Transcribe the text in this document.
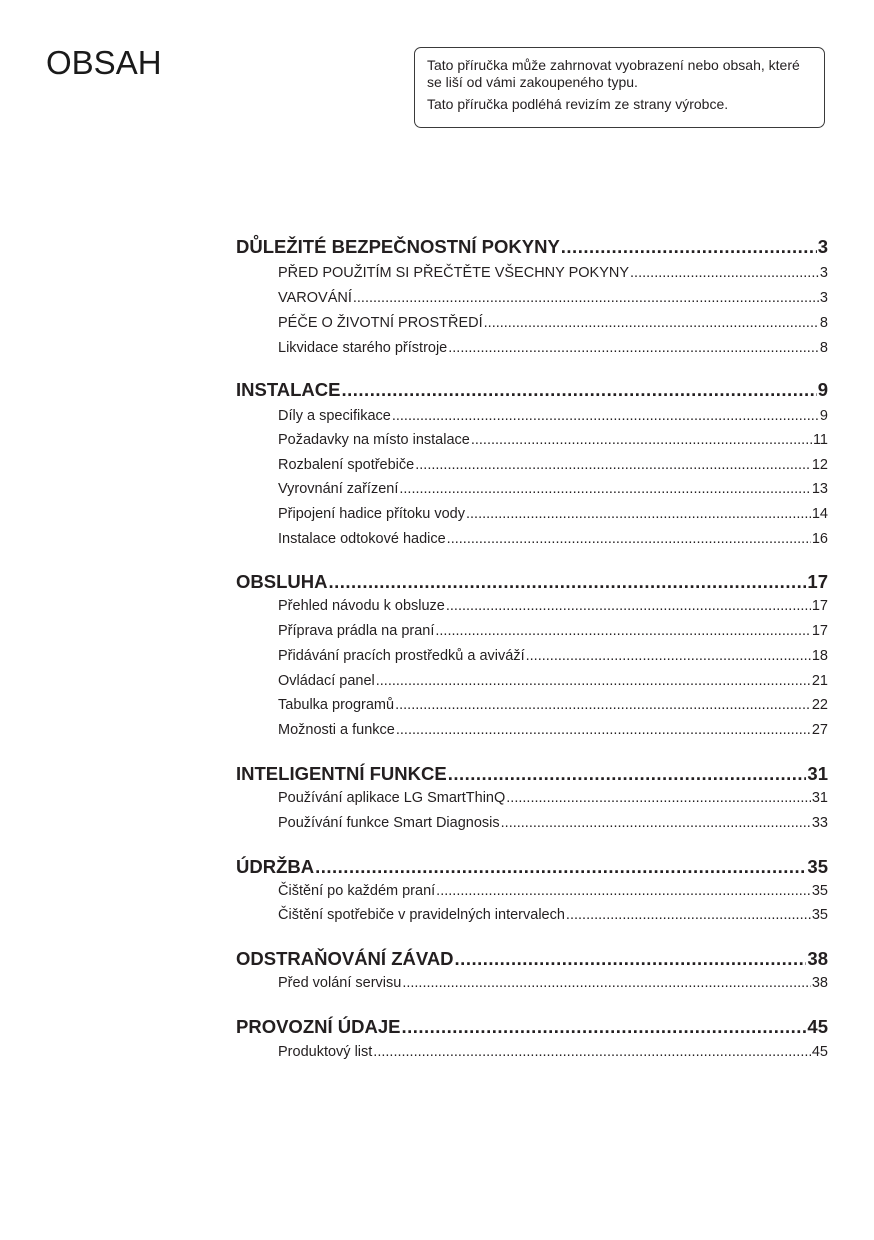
OBSAH	Tato příručka může zahrnovat vyobrazení nebo obsah, které se liší od vámi zakoupeného typu.

Tato příručka podléhá revizím ze strany výrobce.

DŮLEŽITÉ BEZPEČNOSTNÍ POKYNY .....	3
PŘED POUŽITÍM SI PŘEČTĚTE VŠECHNY POKYNY .....	3
VAROVÁNÍ .....	3
PÉČE O ŽIVOTNÍ PROSTŘEDÍ .....	8
Likvidace starého přístroje .....	8
INSTALACE .....	9
Díly a specifikace .....	9
Požadavky na místo instalace .....	11
Rozbalení spotřebiče .....	12
Vyrovnání zařízení .....	13
Připojení hadice přítoku vody .....	14
Instalace odtokové hadice .....	16
OBSLUHA .....	17
Přehled návodu k obsluze .....	17
Příprava prádla na praní .....	17
Přidávání pracích prostředků a aviváží .....	18
Ovládací panel .....	21
Tabulka programů .....	22
Možnosti a funkce .....	27
INTELIGENTNÍ FUNKCE .....	31
Používání aplikace LG SmartThinQ .....	31
Používání funkce Smart Diagnosis .....	33
ÚDRŽBA .....	35
Čištění po každém praní .....	35
Čištění spotřebiče v pravidelných intervalech .....	35
ODSTRAŇOVÁNÍ ZÁVAD .....	38
Před volání servisu .....	38
PROVOZNÍ ÚDAJE .....	45
Produktový list .....	45
